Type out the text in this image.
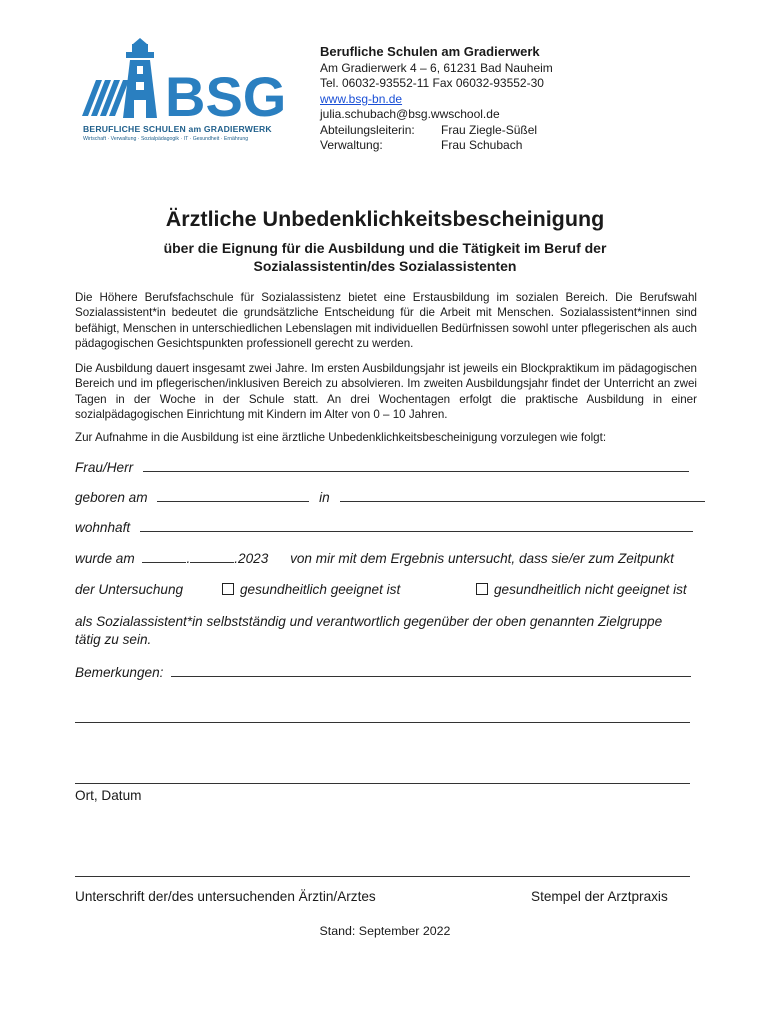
BSG
BERUFLICHE SCHULEN am GRADIERWERK
Wirtschaft · Verwaltung · Sozialpädagogik · IT · Gesundheit · Ernährung
Berufliche Schulen am Gradierwerk
Am Gradierwerk 4 – 6, 61231 Bad Nauheim
Tel. 06032-93552-11 Fax 06032-93552-30
www.bsg-bn.de
julia.schubach@bsg.wwschool.de
Abteilungsleiterin:	Frau Ziegle-Süßel
Verwaltung:	Frau Schubach
Ärztliche Unbedenklichkeitsbescheinigung
über die Eignung für die Ausbildung und die Tätigkeit im Beruf der
Sozialassistentin/des Sozialassistenten
Die Höhere Berufsfachschule für Sozialassistenz bietet eine Erstausbildung im sozialen Bereich. Die Berufswahl Sozialassistent*in bedeutet die grundsätzliche Entscheidung für die Arbeit mit Menschen. Sozialassistent*innen sind befähigt, Menschen in unterschiedlichen Lebenslagen mit individuellen Bedürfnissen sowohl unter pflegerischen als auch pädagogischen Gesichtspunkten professionell gerecht zu werden.
Die Ausbildung dauert insgesamt zwei Jahre. Im ersten Ausbildungsjahr ist jeweils ein Blockpraktikum im pädagogischen Bereich und im pflegerischen/inklusiven Bereich zu absolvieren. Im zweiten Ausbildungsjahr findet der Unterricht an zwei Tagen in der Woche in der Schule statt. An drei Wochentagen erfolgt die praktische Ausbildung in einer sozialpädagogischen Einrichtung mit Kindern im Alter von 0 – 10 Jahren.
Zur Aufnahme in die Ausbildung ist eine ärztliche Unbedenklichkeitsbescheinigung vorzulegen wie folgt:
Frau/Herr
geboren am	in
wohnhaft
wurde am	.	.2023 von mir mit dem Ergebnis untersucht, dass sie/er zum Zeitpunkt
der Untersuchung	gesundheitlich geeignet ist	gesundheitlich nicht geeignet ist
als Sozialassistent*in selbstständig und verantwortlich gegenüber der oben genannten Zielgruppe
tätig zu sein.
Bemerkungen:
Ort, Datum
Unterschrift der/des untersuchenden Ärztin/Arztes	Stempel der Arztpraxis
Stand: September 2022
